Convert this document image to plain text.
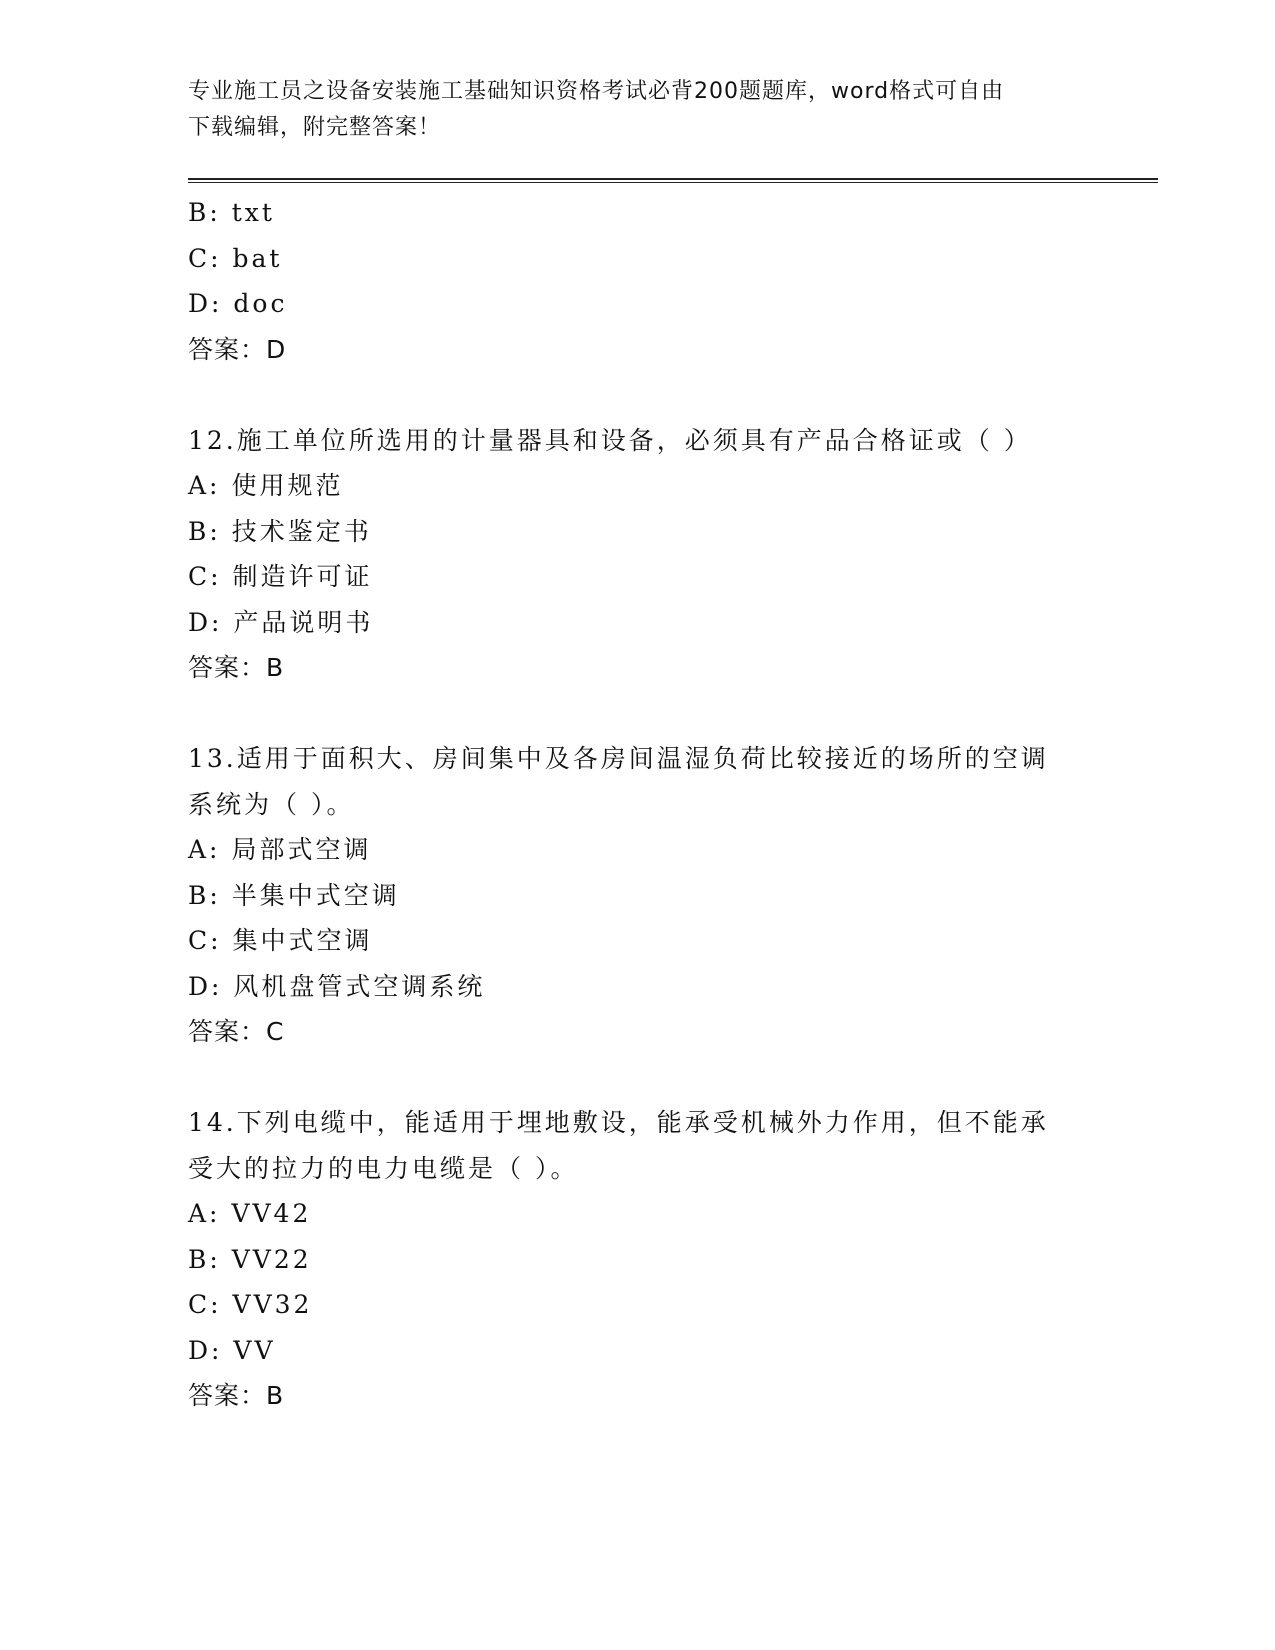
专业施工员之设备安装施工基础知识资格考试必背200题题库，word格式可自由
下载编辑，附完整答案！
B: txt
C: bat
D: doc
答案：D
12.施工单位所选用的计量器具和设备，必须具有产品合格证或（ ）
A: 使用规范
B: 技术鉴定书
C: 制造许可证
D: 产品说明书
答案：B
13.适用于面积大、房间集中及各房间温湿负荷比较接近的场所的空调
系统为（ ）。
A: 局部式空调
B: 半集中式空调
C: 集中式空调
D: 风机盘管式空调系统
答案：C
14.下列电缆中，能适用于埋地敷设，能承受机械外力作用，但不能承
受大的拉力的电力电缆是（ ）。
A: VV42
B: VV22
C: VV32
D: VV
答案：B
